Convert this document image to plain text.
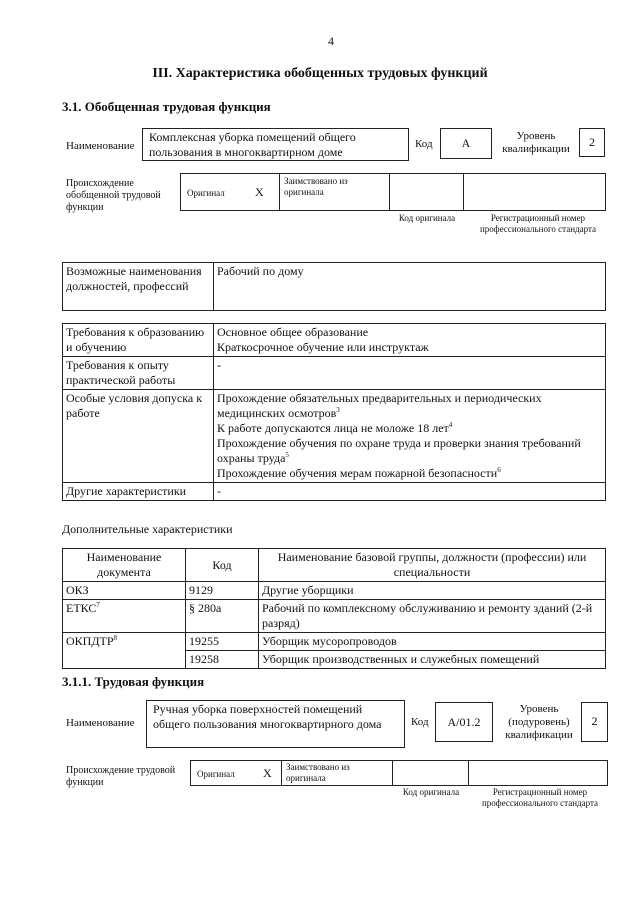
4
III. Характеристика обобщенных трудовых функций
3.1. Обобщенная трудовая функция
Наименование
Комплексная уборка помещений общего пользования в многоквартирном доме
Код	A	Уровень квалификации	2
Происхождение обобщенной трудовой функции
Оригинал	X
Заимствовано из оригинала
Код оригинала	Регистрационный номер профессионального стандарта
Возможные наименования должностей, профессий	Рабочий по дому
Требования к образованию и обучению	Основное общее образование
Краткосрочное обучение или инструктаж

Требования к опыту практической работы	-
Особые условия допуска к работе	Прохождение обязательных предварительных и периодических медицинских осмотров$^3$
К работе допускаются лица не моложе 18 лет$^4$
Прохождение обучения по охране труда и проверки знания требований охраны труда$^5$
Прохождение обучения мерам пожарной безопасности$^6$

Другие характеристики	-
Дополнительные характеристики
Наименование документа	Код	Наименование базовой группы, должности (профессии) или специальности
ОКЗ	9129	Другие уборщики
ЕТКС$^7$	§ 280а	Рабочий по комплексному обслуживанию и ремонту зданий (2-й разряд)
ОКПДТР$^8$	19255	Уборщик мусоропроводов
	19258	Уборщик производственных и служебных помещений
3.1.1. Трудовая функция
Наименование
Ручная уборка поверхностей помещений общего пользования многоквартирного дома	Код	A/01.2
Уровень (подуровень) квалификации
2
Происхождение трудовой функции
Оригинал X Заимствовано из оригинала
Код оригинала	Регистрационный номер профессионального стандарта
